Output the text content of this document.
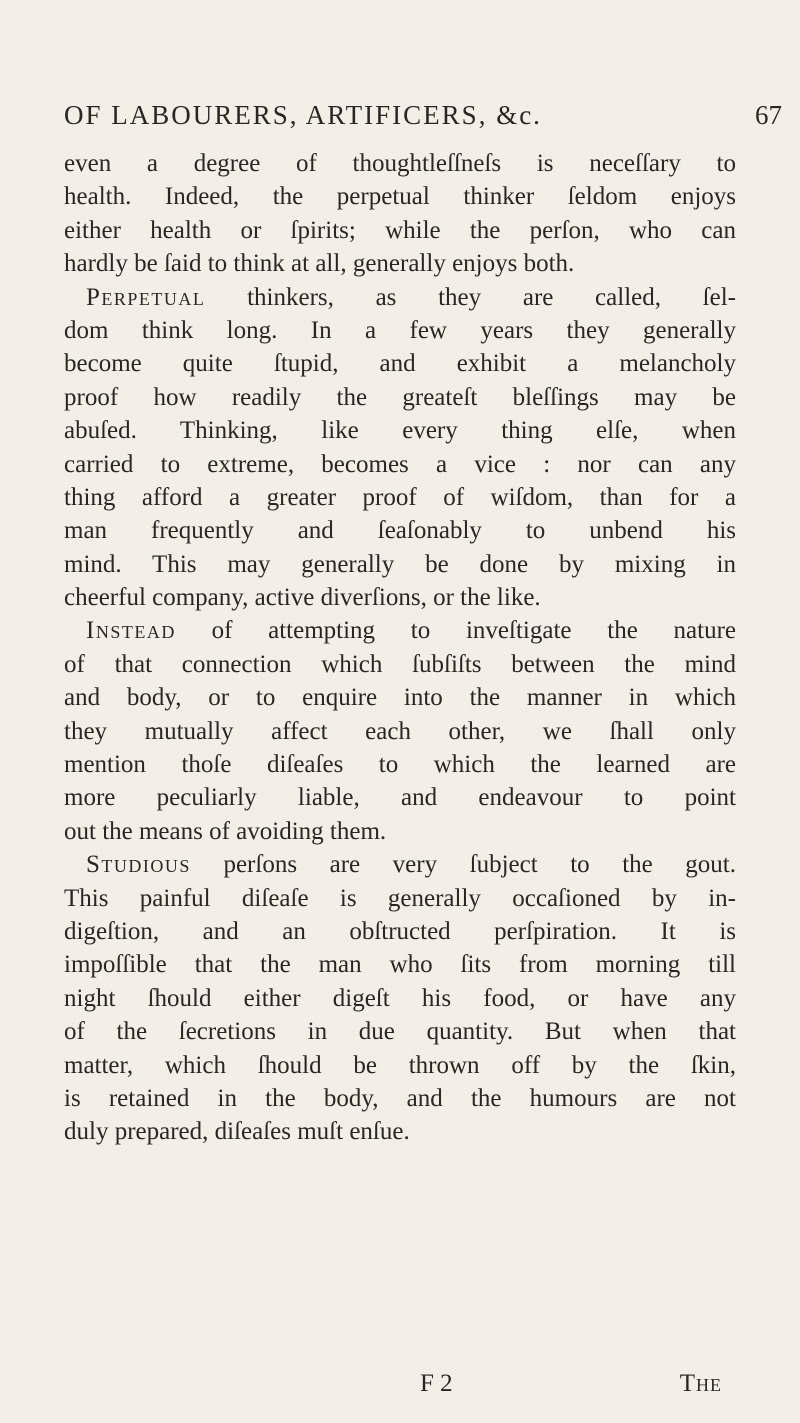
OF LABOURERS, ARTIFICERS, &c.	67
even a degree of thoughtleſſneſs is neceſſary to
health. Indeed, the perpetual thinker ſeldom enjoys
either health or ſpirits; while the perſon, who can
hardly be ſaid to think at all, generally enjoys both.
Perpetual thinkers, as they are called, ſel-
dom think long. In a few years they generally
become quite ſtupid, and exhibit a melancholy
proof how readily the greateſt bleſſings may be
abuſed. Thinking, like every thing elſe, when
carried to extreme, becomes a vice : nor can any
thing afford a greater proof of wiſdom, than for a
man frequently and ſeaſonably to unbend his
mind. This may generally be done by mixing in
cheerful company, active diverſions, or the like.
Instead of attempting to inveſtigate the nature
of that connection which ſubſiſts between the mind
and body, or to enquire into the manner in which
they mutually affect each other, we ſhall only
mention thoſe diſeaſes to which the learned are
more peculiarly liable, and endeavour to point
out the means of avoiding them.
Studious perſons are very ſubject to the gout.
This painful diſeaſe is generally occaſioned by in-
digeſtion, and an obſtructed perſpiration. It is
impoſſible that the man who ſits from morning till
night ſhould either digeſt his food, or have any
of the ſecretions in due quantity. But when that
matter, which ſhould be thrown off by the ſkin,
is retained in the body, and the humours are not
duly prepared, diſeaſes muſt enſue.
F 2	The
